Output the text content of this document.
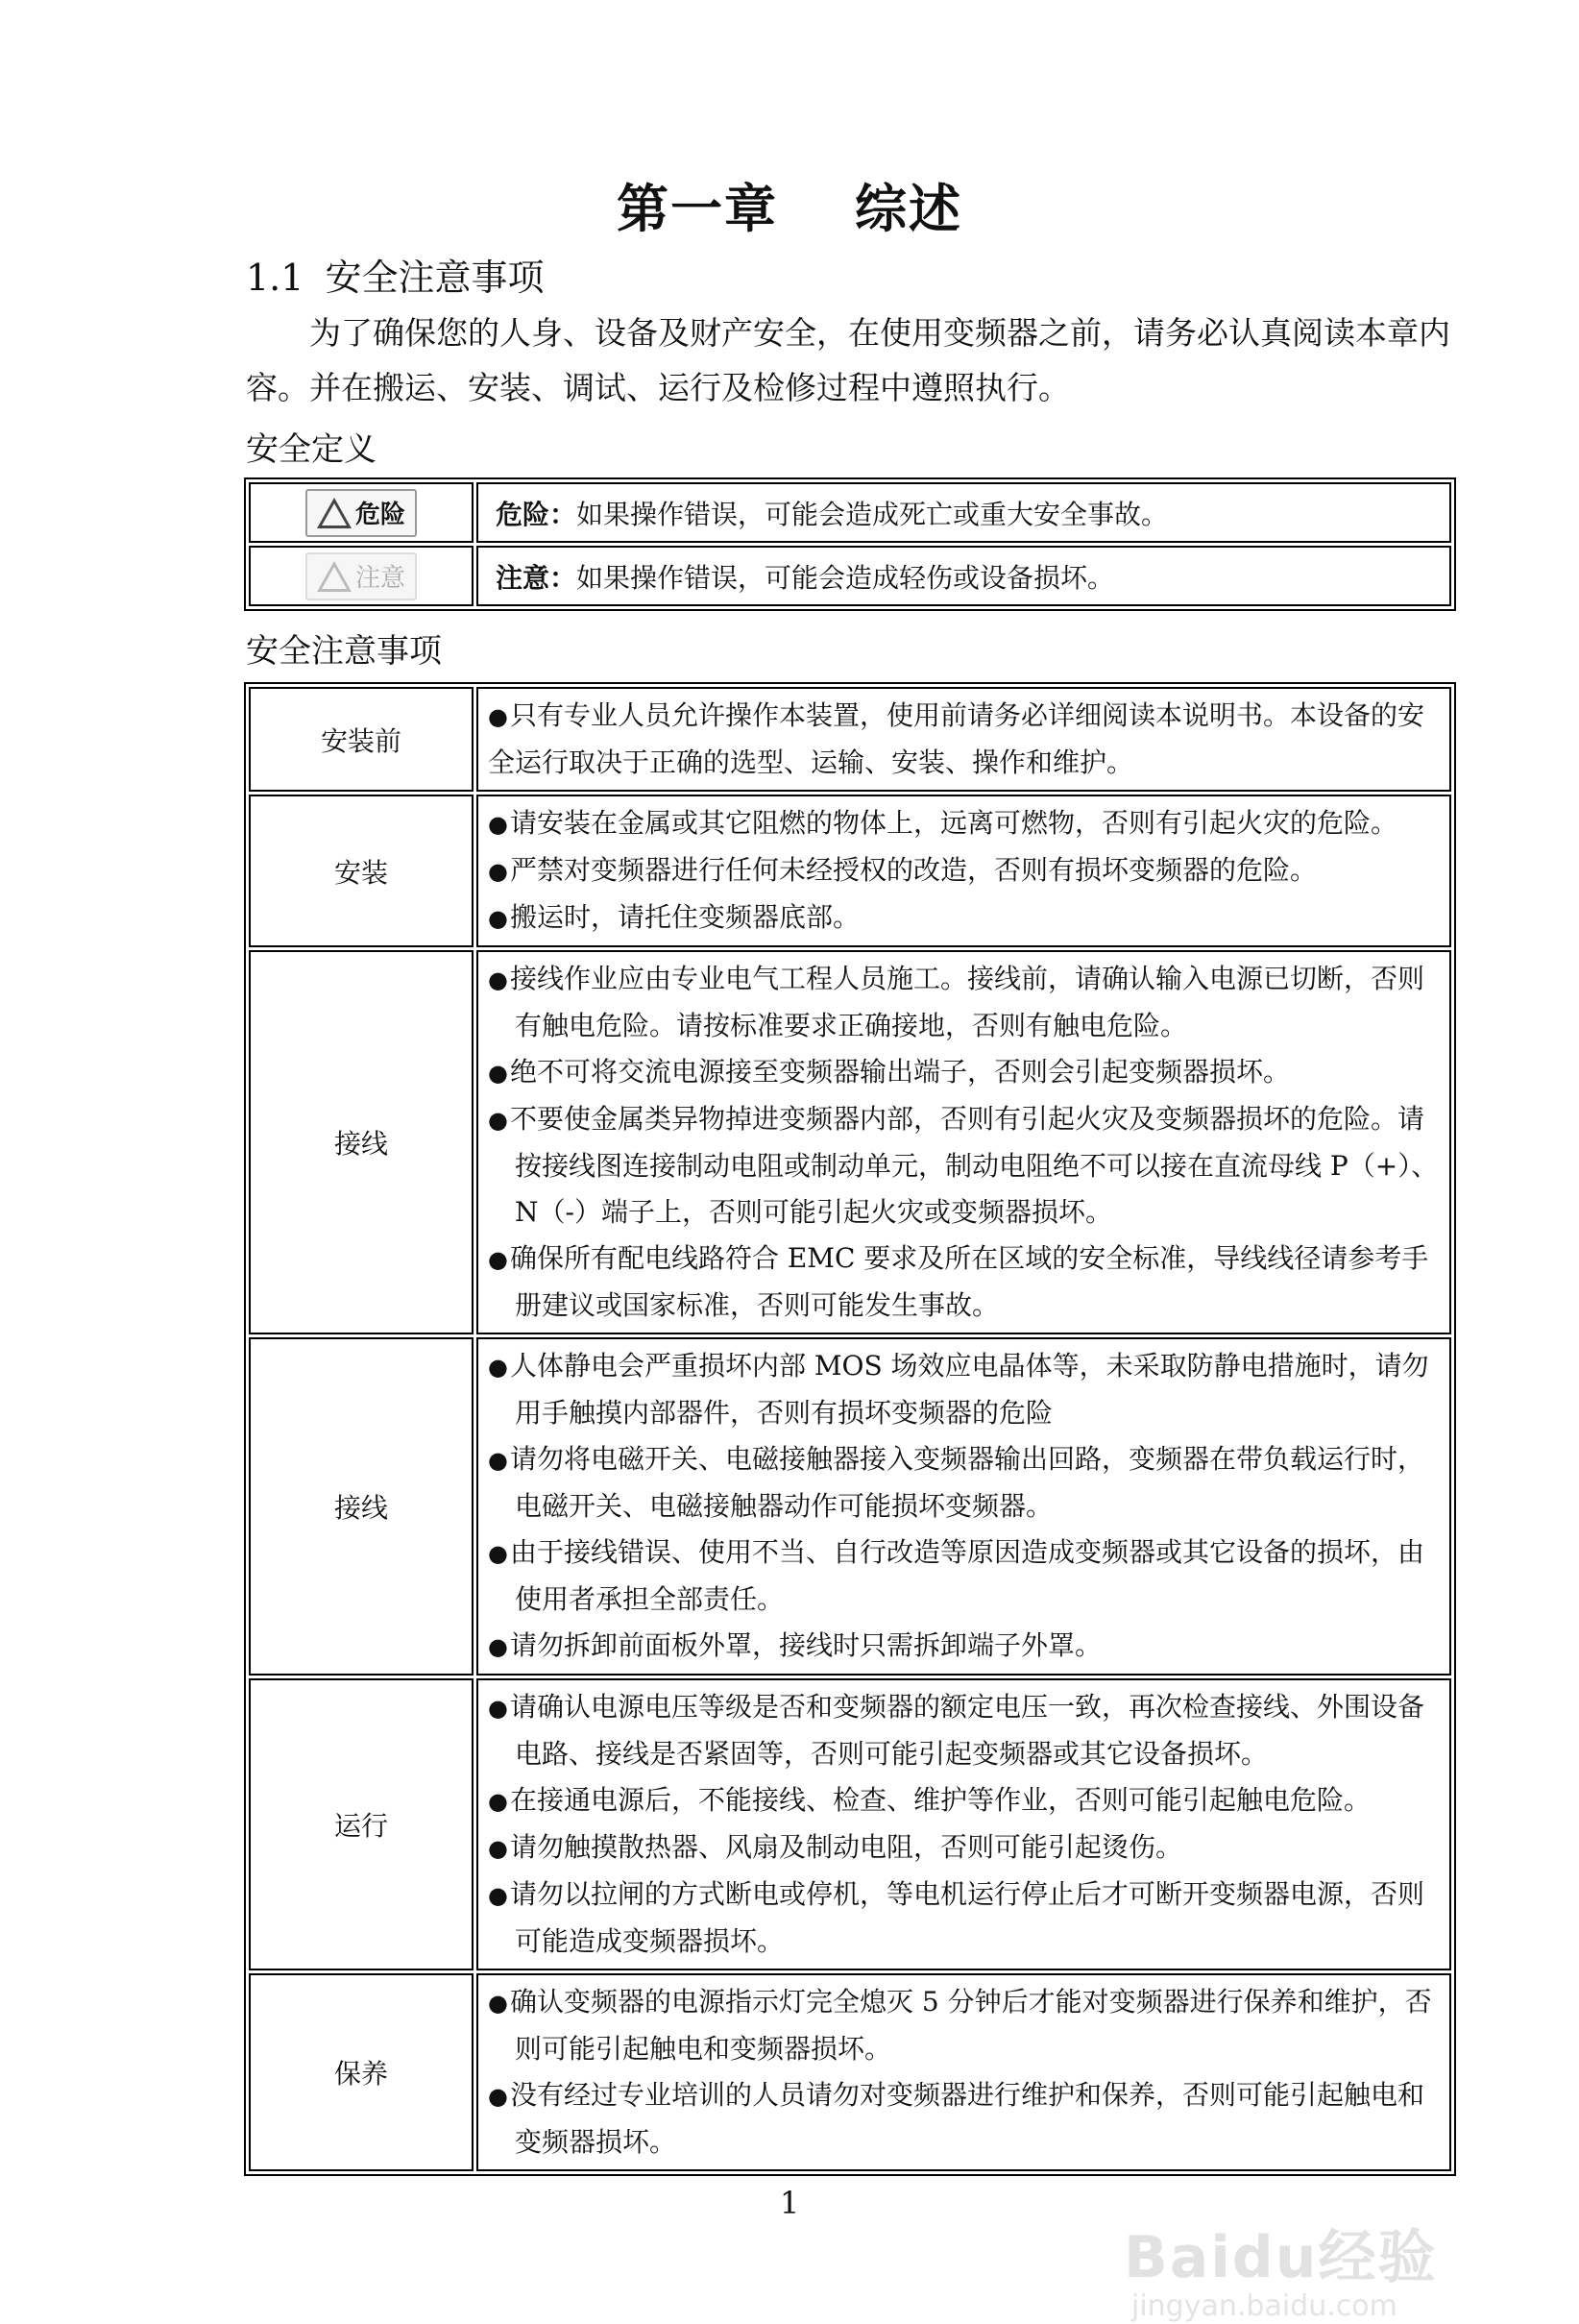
第一章 综述
1.1 安全注意事项
为了确保您的人身、设备及财产安全，在使用变频器之前，请务必认真阅读本章内容。并在搬运、安装、调试、运行及检修过程中遵照执行。
安全定义
危险	危险：如果操作错误，可能会造成死亡或重大安全事故。

注意	注意：如果操作错误，可能会造成轻伤或设备损坏。
安全注意事项
安装前	●只有专业人员允许操作本装置，使用前请务必详细阅读本说明书。本设备的安全运行取决于正确的选型、运输、安装、操作和维护。

安装	●请安装在金属或其它阻燃的物体上，远离可燃物，否则有引起火灾的危险。
●严禁对变频器进行任何未经授权的改造，否则有损坏变频器的危险。
●搬运时，请托住变频器底部。

接线	●接线作业应由专业电气工程人员施工。接线前，请确认输入电源已切断，否则有触电危险。请按标准要求正确接地，否则有触电危险。
●绝不可将交流电源接至变频器输出端子，否则会引起变频器损坏。
●不要使金属类异物掉进变频器内部，否则有引起火灾及变频器损坏的危险。请按接线图连接制动电阻或制动单元，制动电阻绝不可以接在直流母线 P（+）、N（-）端子上，否则可能引起火灾或变频器损坏。
●确保所有配电线路符合 EMC 要求及所在区域的安全标准，导线线径请参考手册建议或国家标准，否则可能发生事故。

接线	●人体静电会严重损坏内部 MOS 场效应电晶体等，未采取防静电措施时，请勿用手触摸内部器件，否则有损坏变频器的危险
●请勿将电磁开关、电磁接触器接入变频器输出回路，变频器在带负载运行时，电磁开关、电磁接触器动作可能损坏变频器。
●由于接线错误、使用不当、自行改造等原因造成变频器或其它设备的损坏，由使用者承担全部责任。
●请勿拆卸前面板外罩，接线时只需拆卸端子外罩。

运行	●请确认电源电压等级是否和变频器的额定电压一致，再次检查接线、外围设备电路、接线是否紧固等，否则可能引起变频器或其它设备损坏。
●在接通电源后，不能接线、检查、维护等作业，否则可能引起触电危险。
●请勿触摸散热器、风扇及制动电阻，否则可能引起烫伤。
●请勿以拉闸的方式断电或停机，等电机运行停止后才可断开变频器电源，否则可能造成变频器损坏。

保养	●确认变频器的电源指示灯完全熄灭 5 分钟后才能对变频器进行保养和维护，否则可能引起触电和变频器损坏。
●没有经过专业培训的人员请勿对变频器进行维护和保养，否则可能引起触电和变频器损坏。
1
Baidu经验
jingyan.baidu.com
